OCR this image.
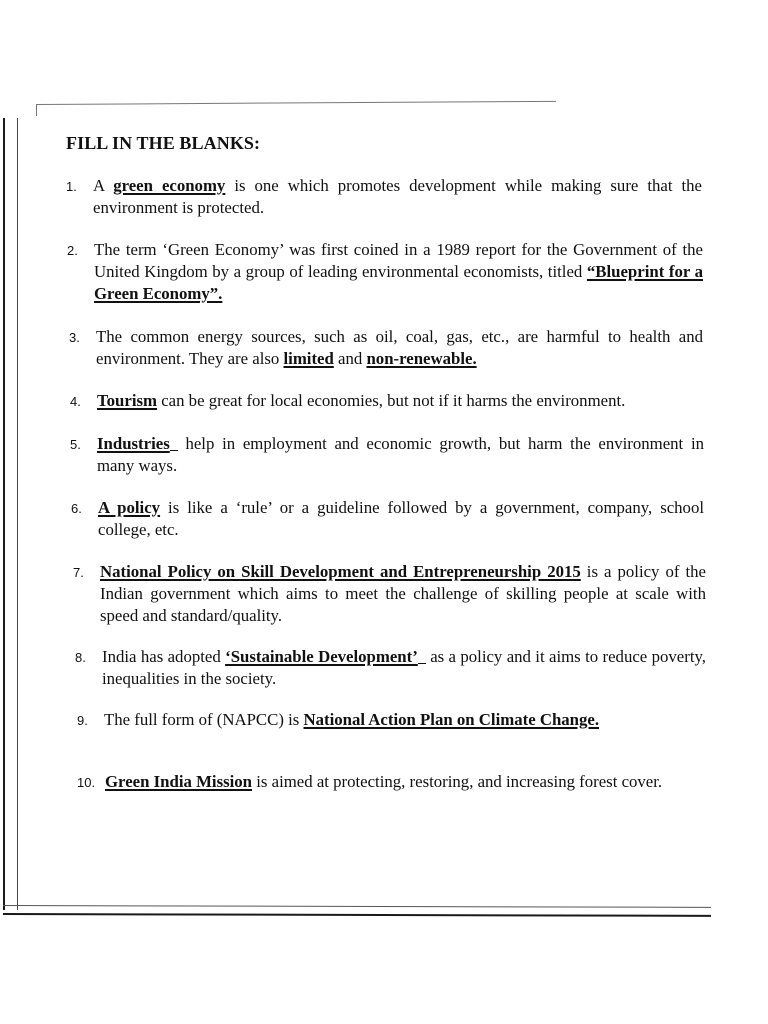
FILL IN THE BLANKS:
1. A green economy is one which promotes development while making sure that the environment is protected.
2. The term ‘Green Economy’ was first coined in a 1989 report for the Government of the United Kingdom by a group of leading environmental economists, titled “Blueprint for a Green Economy”.
3. The common energy sources, such as oil, coal, gas, etc., are harmful to health and environment. They are also limited and non-renewable.
4. Tourism can be great for local economies, but not if it harms the environment.
5. Industries help in employment and economic growth, but harm the environment in many ways.
6. A policy is like a ‘rule’ or a guideline followed by a government, company, school college, etc.
7. National Policy on Skill Development and Entrepreneurship 2015 is a policy of the Indian government which aims to meet the challenge of skilling people at scale with speed and standard/quality.
8. India has adopted ‘Sustainable Development’ as a policy and it aims to reduce poverty, inequalities in the society.
9. The full form of (NAPCC) is National Action Plan on Climate Change.
10. Green India Mission is aimed at protecting, restoring, and increasing forest cover.
